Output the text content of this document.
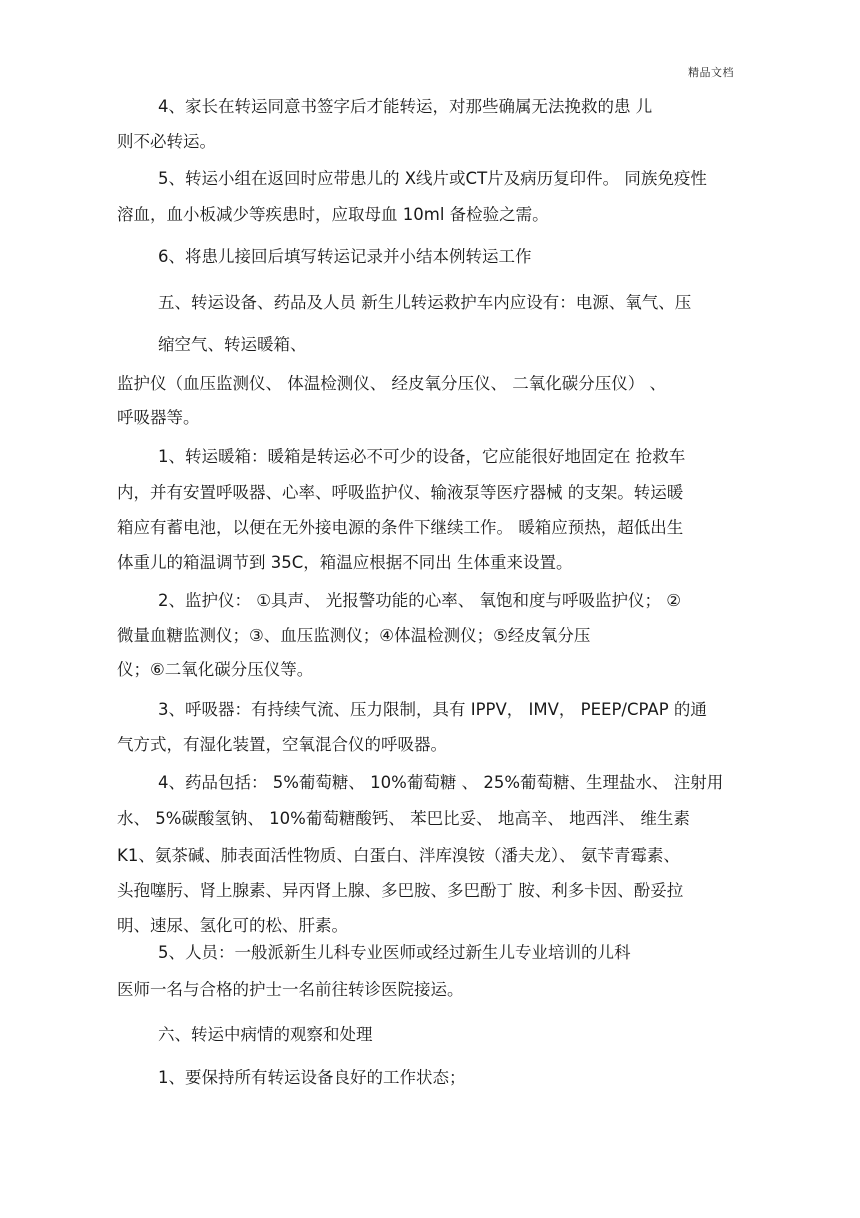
精品文档
4、家长在转运同意书签字后才能转运，对那些确属无法挽救的患 儿
则不必转运。
5、转运小组在返回时应带患儿的 X线片或CT片及病历复印件。 同族免疫性
溶血，血小板减少等疾患时，应取母血 10ml 备检验之需。
6、将患儿接回后填写转运记录并小结本例转运工作
五、转运设备、药品及人员 新生儿转运救护车内应设有：电源、氧气、压
缩空气、转运暖箱、
监护仪（血压监测仪、 体温检测仪、 经皮氧分压仪、 二氧化碳分压仪） 、
呼吸器等。
1、转运暖箱：暖箱是转运必不可少的设备，它应能很好地固定在 抢救车
内，并有安置呼吸器、心率、呼吸监护仪、输液泵等医疗器械 的支架。转运暖
箱应有蓄电池，以便在无外接电源的条件下继续工作。 暖箱应预热，超低出生
体重儿的箱温调节到 35C，箱温应根据不同出 生体重来设置。
2、监护仪： ①具声、 光报警功能的心率、 氧饱和度与呼吸监护仪； ②
微量血糖监测仪；③、血压监测仪；④体温检测仪；⑤经皮氧分压
仪；⑥二氧化碳分压仪等。
3、呼吸器：有持续气流、压力限制，具有 IPPV， IMV， PEEP/CPAP 的通
气方式，有湿化装置，空氧混合仪的呼吸器。
4、药品包括： 5%葡萄糖、 10%葡萄糖 、 25%葡萄糖、生理盐水、 注射用
水、 5%碳酸氢钠、 10%葡萄糖酸钙、 苯巴比妥、 地高辛、 地西泮、 维生素
K1、氨茶碱、肺表面活性物质、白蛋白、泮库溴铵（潘夫龙）、 氨苄青霉素、
头孢噻肟、肾上腺素、异丙肾上腺、多巴胺、多巴酚丁 胺、利多卡因、酚妥拉
明、速尿、氢化可的松、肝素。
5、人员：一般派新生儿科专业医师或经过新生儿专业培训的儿科
医师一名与合格的护士一名前往转诊医院接运。
六、转运中病情的观察和处理
1、要保持所有转运设备良好的工作状态；
